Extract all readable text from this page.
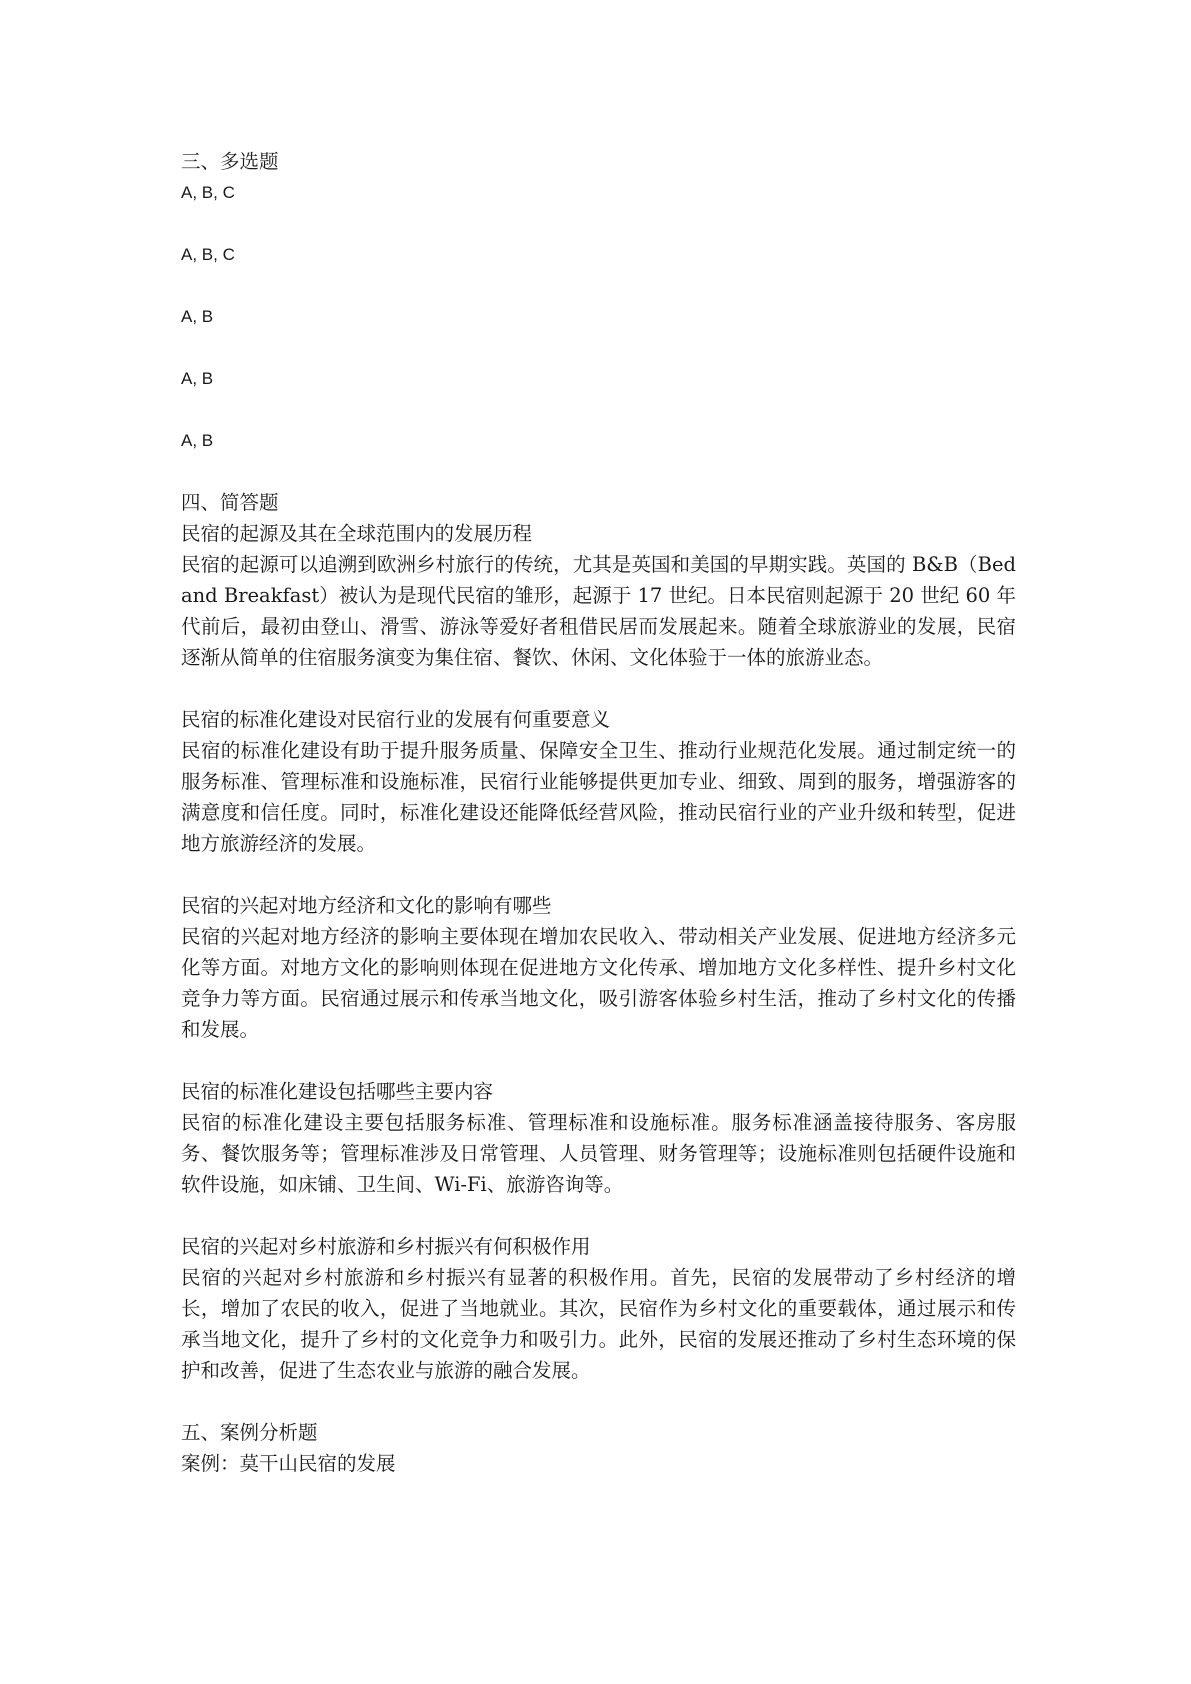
三、多选题
A, B, C
A, B, C
A, B
A, B
A, B
四、简答题
民宿的起源及其在全球范围内的发展历程
民宿的起源可以追溯到欧洲乡村旅行的传统，尤其是英国和美国的早期实践。英国的 B&B（Bed and Breakfast）被认为是现代民宿的雏形，起源于 17 世纪。日本民宿则起源于 20 世纪 60 年代前后，最初由登山、滑雪、游泳等爱好者租借民居而发展起来。随着全球旅游业的发展，民宿逐渐从简单的住宿服务演变为集住宿、餐饮、休闲、文化体验于一体的旅游业态。
民宿的标准化建设对民宿行业的发展有何重要意义
民宿的标准化建设有助于提升服务质量、保障安全卫生、推动行业规范化发展。通过制定统一的服务标准、管理标准和设施标准，民宿行业能够提供更加专业、细致、周到的服务，增强游客的满意度和信任度。同时，标准化建设还能降低经营风险，推动民宿行业的产业升级和转型，促进地方旅游经济的发展。
民宿的兴起对地方经济和文化的影响有哪些
民宿的兴起对地方经济的影响主要体现在增加农民收入、带动相关产业发展、促进地方经济多元化等方面。对地方文化的影响则体现在促进地方文化传承、增加地方文化多样性、提升乡村文化竞争力等方面。民宿通过展示和传承当地文化，吸引游客体验乡村生活，推动了乡村文化的传播和发展。
民宿的标准化建设包括哪些主要内容
民宿的标准化建设主要包括服务标准、管理标准和设施标准。服务标准涵盖接待服务、客房服务、餐饮服务等；管理标准涉及日常管理、人员管理、财务管理等；设施标准则包括硬件设施和软件设施，如床铺、卫生间、Wi-Fi、旅游咨询等。
民宿的兴起对乡村旅游和乡村振兴有何积极作用
民宿的兴起对乡村旅游和乡村振兴有显著的积极作用。首先，民宿的发展带动了乡村经济的增长，增加了农民的收入，促进了当地就业。其次，民宿作为乡村文化的重要载体，通过展示和传承当地文化，提升了乡村的文化竞争力和吸引力。此外，民宿的发展还推动了乡村生态环境的保护和改善，促进了生态农业与旅游的融合发展。
五、案例分析题
案例：莫干山民宿的发展
